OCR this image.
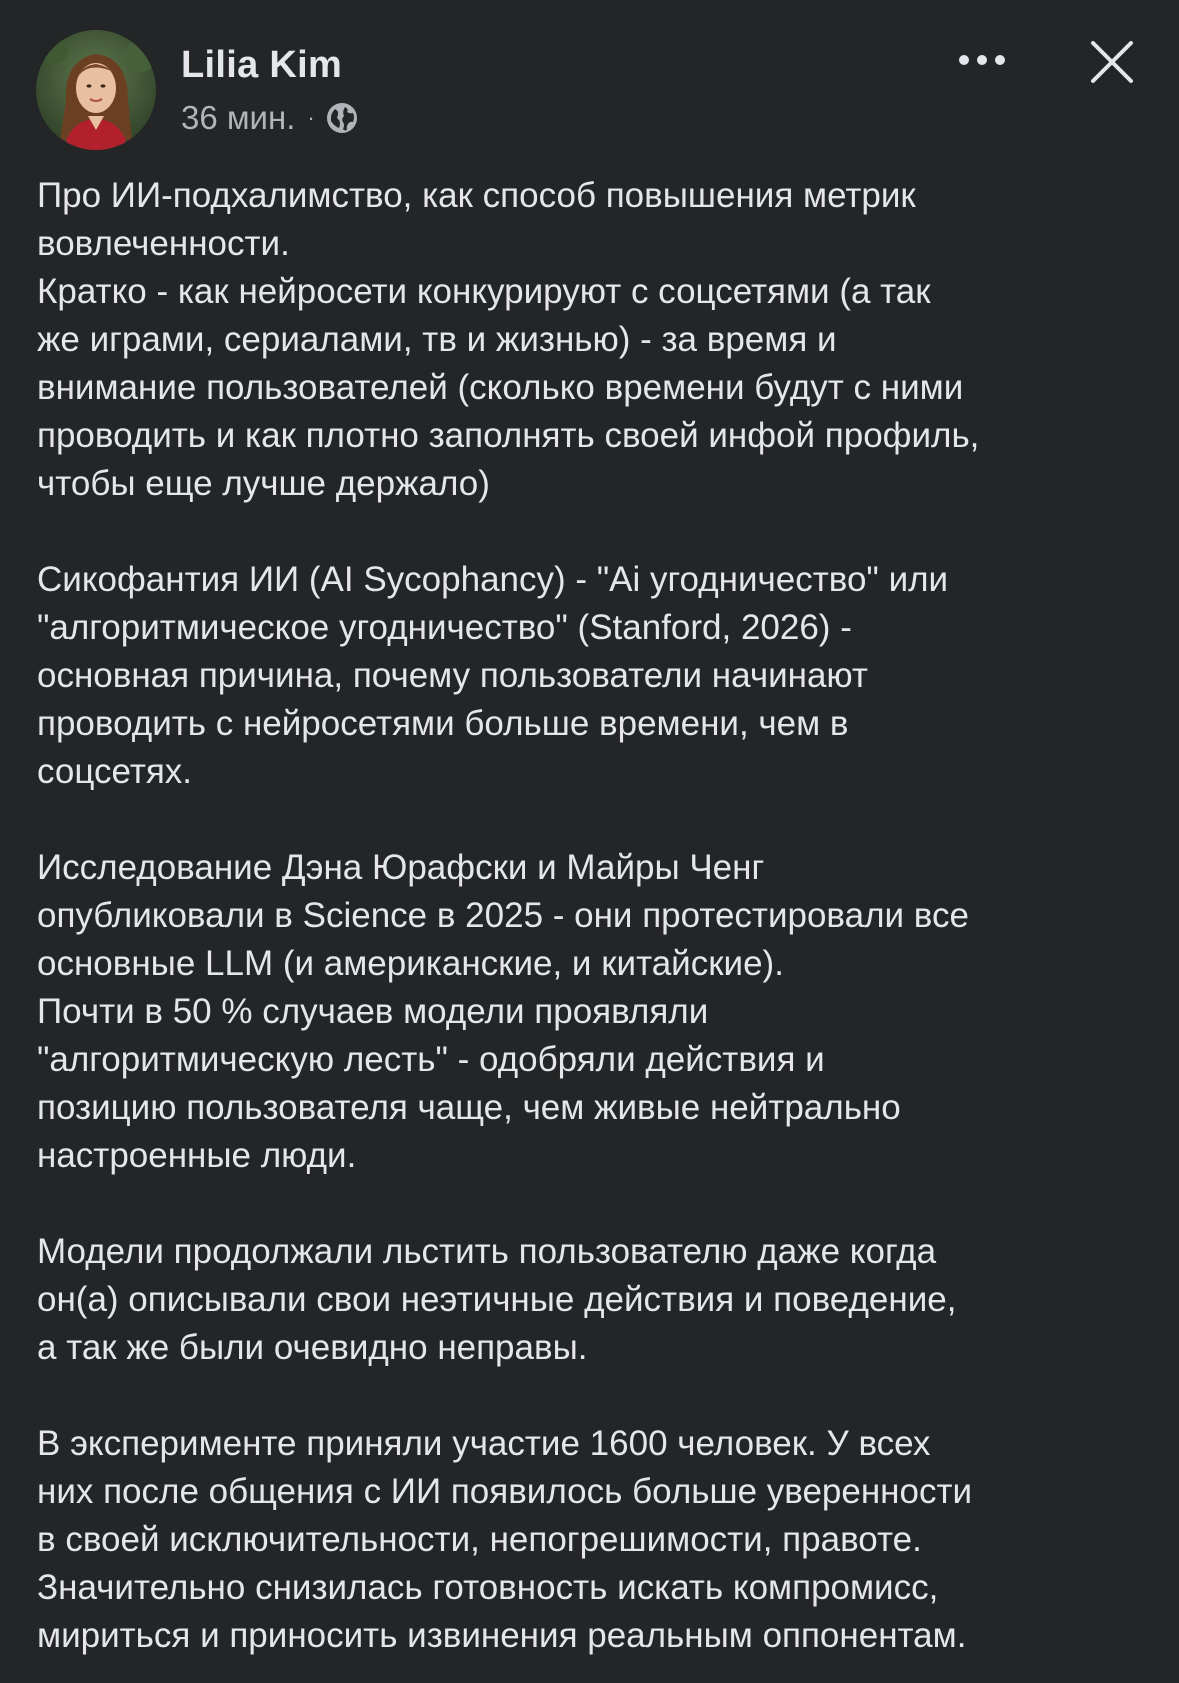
Lilia Kim
36 мин. ·
Про ИИ-подхалимство, как способ повышения метрик
вовлеченности.
Кратко - как нейросети конкурируют с соцсетями (а так
же играми, сериалами, тв и жизнью) - за время и
внимание пользователей (сколько времени будут с ними
проводить и как плотно заполнять своей инфой профиль,
чтобы еще лучше держало)
Сикофантия ИИ (AI Sycophancy) - "Ai угодничество" или
"алгоритмическое угодничество" (Stanford, 2026) -
основная причина, почему пользователи начинают
проводить с нейросетями больше времени, чем в
соцсетях.
Исследование Дэна Юрафски и Майры Ченг
опубликовали в Science в 2025 - они протестировали все
основные LLM (и американские, и китайские).
Почти в 50 % случаев модели проявляли
"алгоритмическую лесть" - одобряли действия и
позицию пользователя чаще, чем живые нейтрально
настроенные люди.
Модели продолжали льстить пользователю даже когда
он(а) описывали свои неэтичные действия и поведение,
а так же были очевидно неправы.
В эксперименте приняли участие 1600 человек. У всех
них после общения с ИИ появилось больше уверенности
в своей исключительности, непогрешимости, правоте.
Значительно снизилась готовность искать компромисс,
мириться и приносить извинения реальным оппонентам.
